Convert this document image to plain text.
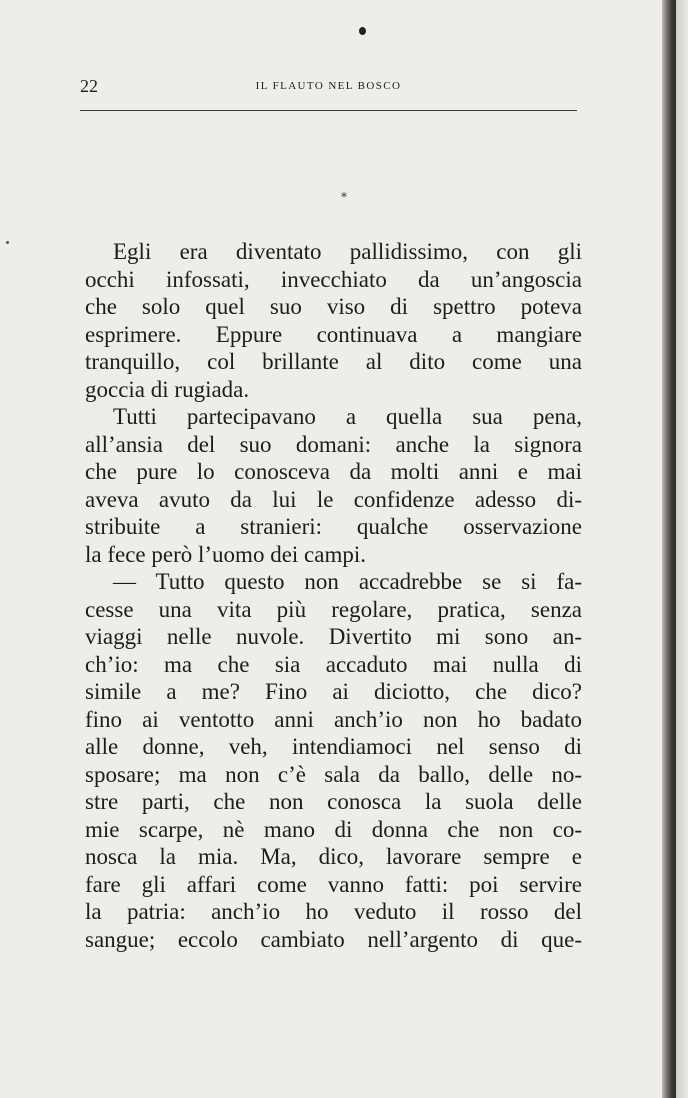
22	IL FLAUTO NEL BOSCO
*
Egli era diventato pallidissimo, con gli
occhi infossati, invecchiato da un’angoscia
che solo quel suo viso di spettro poteva
esprimere. Eppure continuava a mangiare
tranquillo, col brillante al dito come una
goccia di rugiada.
Tutti partecipavano a quella sua pena,
all’ansia del suo domani: anche la signora
che pure lo conosceva da molti anni e mai
aveva avuto da lui le confidenze adesso di-
stribuite a stranieri: qualche osservazione
la fece però l’uomo dei campi.
— Tutto questo non accadrebbe se si fa-
cesse una vita più regolare, pratica, senza
viaggi nelle nuvole. Divertito mi sono an-
ch’io: ma che sia accaduto mai nulla di
simile a me? Fino ai diciotto, che dico?
fino ai ventotto anni anch’io non ho badato
alle donne, veh, intendiamoci nel senso di
sposare; ma non c’è sala da ballo, delle no-
stre parti, che non conosca la suola delle
mie scarpe, nè mano di donna che non co-
nosca la mia. Ma, dico, lavorare sempre e
fare gli affari come vanno fatti: poi servire
la patria: anch’io ho veduto il rosso del
sangue; eccolo cambiato nell’argento di que-
